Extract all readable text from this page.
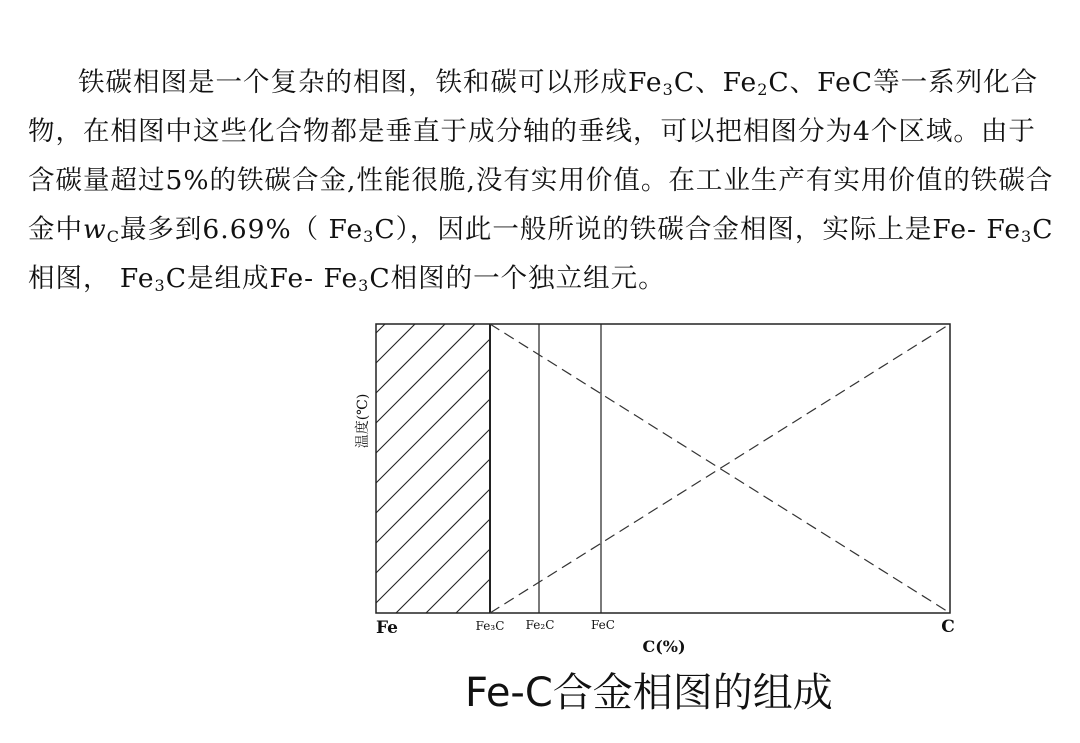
铁碳相图是一个复杂的相图，铁和碳可以形成$Fe_3C$、$Fe_2C$、FeC等一系列化合物，在相图中这些化合物都是垂直于成分轴的垂线，可以把相图分为4个区域。由于含碳量超过5%的铁碳合金,性能很脆,没有实用价值。在工业生产有实用价值的铁碳合金中$w_C$最多到6.69%（ $Fe_3C$），因此一般所说的铁碳合金相图，实际上是Fe- $Fe_3C$相图， $Fe_3C$是组成Fe- $Fe_3C$相图的一个独立组元。

温度(℃)
Fe	Fe₃C Fe₂C	FeC	C
C(%)
Fe-C合金相图的组成
